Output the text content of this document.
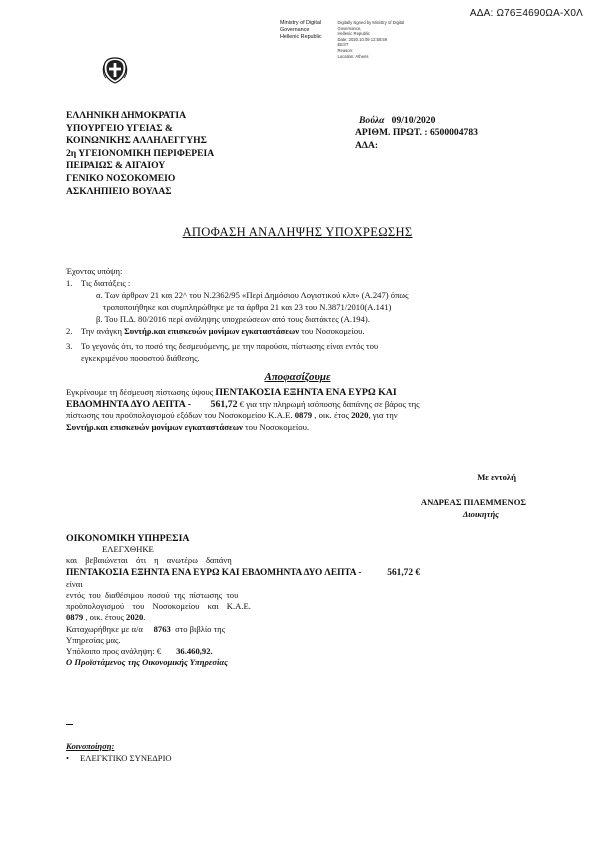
ΑΔΑ: Ω76Ξ4690ΩΑ-Χ0Λ
Ministry of Digital
Governance
Hellenic Republic

Digitally signed by Ministry of Digital
Governance,
Hellenic Republic
Date: 2020.10.09 12:58:59
EEST
Reason:
Location: Athens
ΕΛΛΗΝΙΚΗ ΔΗΜΟΚΡΑΤΙΑ
ΥΠΟΥΡΓΕΙΟ ΥΓΕΙΑΣ &
ΚΟΙΝΩΝΙΚΗΣ ΑΛΛΗΛΕΓΓΥΗΣ
2η ΥΓΕΙΟΝΟΜΙΚΗ ΠΕΡΙΦΕΡΕΙΑ
ΠΕΙΡΑΙΩΣ & ΑΙΓΑΙΟΥ
ΓΕΝΙΚΟ ΝΟΣΟΚΟΜΕΙΟ
ΑΣΚΛΗΠΙΕΙΟ ΒΟΥΛΑΣ
Βούλα 09/10/2020
ΑΡΙΘΜ. ΠΡΩΤ. : 6500004783
ΑΔΑ:
ΑΠΟΦΑΣΗ ΑΝΑΛΗΨΗΣ ΥΠΟΧΡΕΩΣΗΣ
Έχοντας υπόψη:
1. Τις διατάξεις :
α. Των άρθρων 21 και 22^ του Ν.2362/95 «Περί Δημόσιου Λογιστικού κλπ» (Α.247) όπως
τροποποιήθηκε και συμπληρώθηκε με τα άρθρα 21 και 23 του Ν.3871/2010(Α.141)
β. Του Π.Δ. 80/2016 περί ανάληψης υποχρεώσεων από τους διατάκτες (Α.194).
2. Την ανάγκη Συντήρ.και επισκευών μονίμων εγκαταστάσεων του Νοσοκομείου.
3. Το γεγονός ότι, το ποσό της δεσμευόμενης, με την παρούσα, πίστωσης είναι εντός του
εγκεκριμένου ποσοστού διάθεσης.
Αποφασίζουμε
Εγκρίνουμε τη δέσμευση πίστωσης ύψους ΠΕΝΤΑΚΟΣΙΑ ΕΞΗΝΤΑ ΕΝΑ ΕΥΡΩ ΚΑΙ
ΕΒΔΟΜΗΝΤΑ ΔΥΟ ΛΕΠΤΑ - 561,72 € για την πληρωμή ισόποσης δαπάνης σε βάρος της
πίστωσης του προϋπολογισμού εξόδων του Νοσοκομείου Κ.Α.Ε. 0879 , οικ. έτος 2020, για την
Συντήρ.και επισκευών μονίμων εγκαταστάσεων του Νοσοκομείου.
Με εντολή
ΑΝΔΡΕΑΣ ΠΙΛΕΜΜΕΝΟΣ
Διοικητής
ΟΙΚΟΝΟΜΙΚΗ ΥΠΗΡΕΣΙΑ
ΕΛΕΓΧΘΗΚΕ
και βεβαιώνεται ότι η ανωτέρω δαπάνη
ΠΕΝΤΑΚΟΣΙΑ ΕΞΗΝΤΑ ΕΝΑ ΕΥΡΩ ΚΑΙ ΕΒΔΟΜΗΝΤΑ ΔΥΟ ΛΕΠΤΑ -	561,72 €
είναι
εντός του διαθέσιμου ποσού της πίστωσης του
προϋπολογισμού του Νοσοκομείου και Κ.Α.Ε.
0879 , οικ. έτους 2020.
Καταχωρήθηκε με α/α 8763 στο βιβλίο της
Υπηρεσίας μας.
Υπόλοιπο προς ανάληψη: € 36.460,92.
Ο Προϊστάμενος της Οικονομικής Υπηρεσίας
Κοινοποίηση:
• ΕΛΕΓΚΤΙΚΟ ΣΥΝΕΔΡΙΟ
